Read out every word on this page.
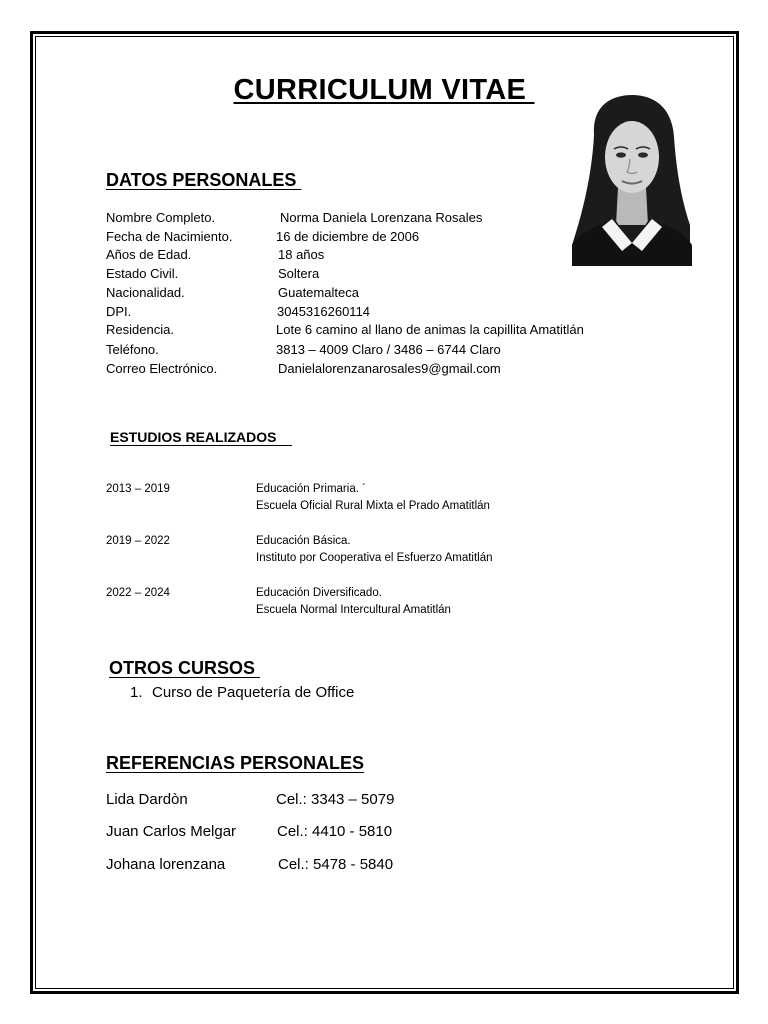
CURRICULUM VITAE
DATOS PERSONALES
Nombre Completo.	Norma Daniela Lorenzana Rosales
Fecha de Nacimiento.	16 de diciembre de 2006
Años de Edad.	18 años
Estado Civil.	Soltera
Nacionalidad.	Guatemalteca
DPI.	3045316260114
Residencia.	Lote 6 camino al llano de animas la capillita Amatitlán
Teléfono.	3813 – 4009 Claro / 3486 – 6744 Claro
Correo Electrónico.	Danielalorenzanarosales9@gmail.com
ESTUDIOS REALIZADOS
2013 – 2019	Educación Primaria. ´
Escuela Oficial Rural Mixta el Prado Amatitlán
2019 – 2022	Educación Básica.
Instituto por Cooperativa el Esfuerzo Amatitlán
2022 – 2024	Educación Diversificado.
Escuela Normal Intercultural Amatitlán
OTROS CURSOS
1. Curso de Paquetería de Office
REFERENCIAS PERSONALES
Lida Dardòn	Cel.: 3343 – 5079
Juan Carlos Melgar	Cel.: 4410 - 5810
Johana lorenzana	Cel.: 5478 - 5840
